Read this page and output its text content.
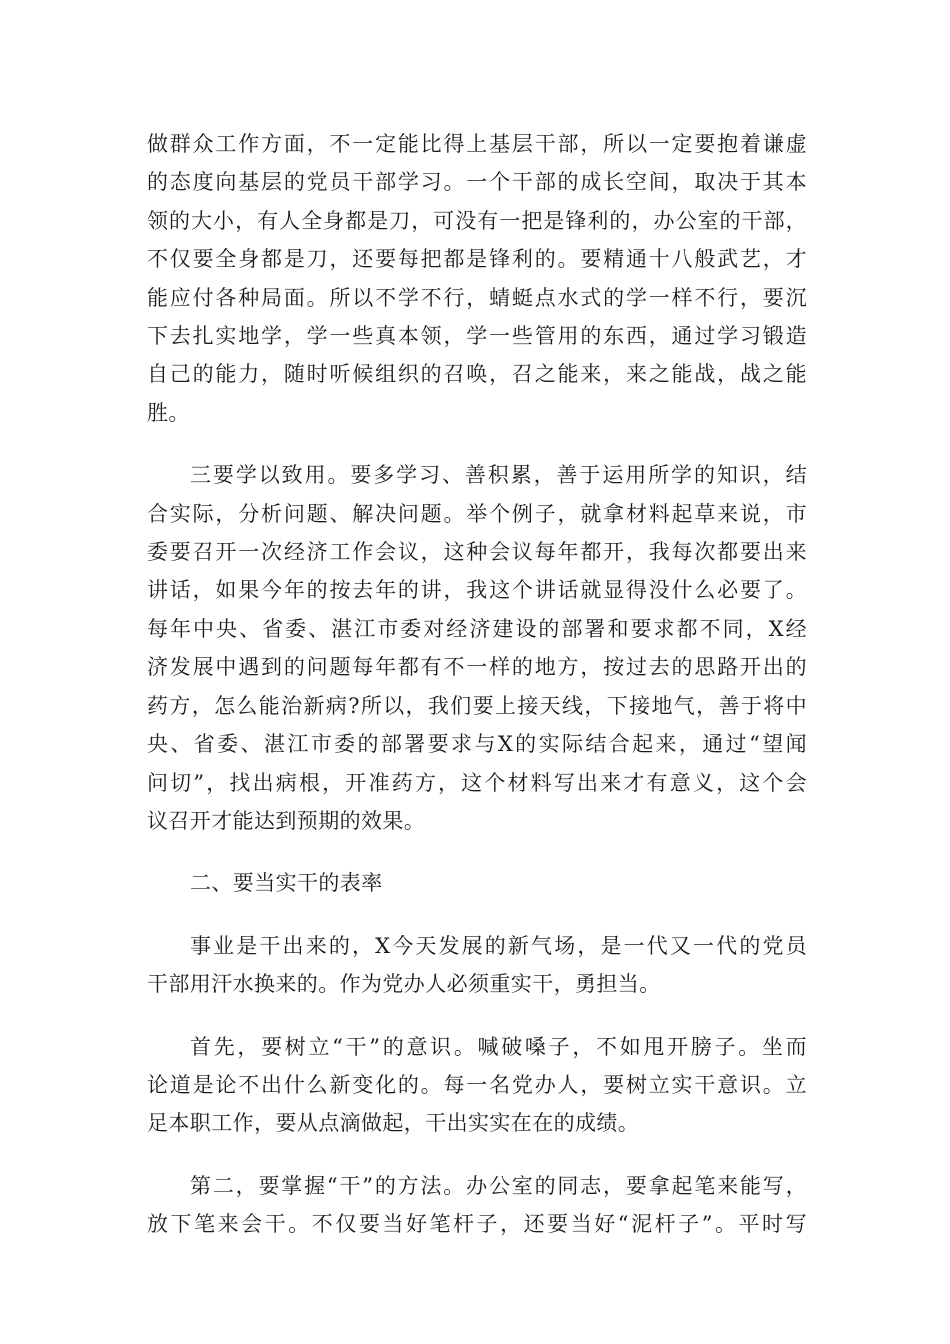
做群众工作方面，不一定能比得上基层干部，所以一定要抱着谦虚
的态度向基层的党员干部学习。一个干部的成长空间，取决于其本
领的大小，有人全身都是刀，可没有一把是锋利的，办公室的干部，
不仅要全身都是刀，还要每把都是锋利的。要精通十八般武艺，才
能应付各种局面。所以不学不行，蜻蜓点水式的学一样不行，要沉
下去扎实地学，学一些真本领，学一些管用的东西，通过学习锻造
自己的能力，随时听候组织的召唤，召之能来，来之能战，战之能
胜。
三要学以致用。要多学习、善积累，善于运用所学的知识，结
合实际，分析问题、解决问题。举个例子，就拿材料起草来说，市
委要召开一次经济工作会议，这种会议每年都开，我每次都要出来
讲话，如果今年的按去年的讲，我这个讲话就显得没什么必要了。
每年中央、省委、湛江市委对经济建设的部署和要求都不同，X经
济发展中遇到的问题每年都有不一样的地方，按过去的思路开出的
药方，怎么能治新病?所以，我们要上接天线，下接地气，善于将中
央、省委、湛江市委的部署要求与X的实际结合起来，通过“望闻
问切”，找出病根，开准药方，这个材料写出来才有意义，这个会
议召开才能达到预期的效果。
二、要当实干的表率
事业是干出来的，X今天发展的新气场，是一代又一代的党员
干部用汗水换来的。作为党办人必须重实干，勇担当。
首先，要树立“干”的意识。喊破嗓子，不如甩开膀子。坐而
论道是论不出什么新变化的。每一名党办人，要树立实干意识。立
足本职工作，要从点滴做起，干出实实在在的成绩。
第二，要掌握“干”的方法。办公室的同志，要拿起笔来能写，
放下笔来会干。不仅要当好笔杆子，还要当好“泥杆子”。平时写
